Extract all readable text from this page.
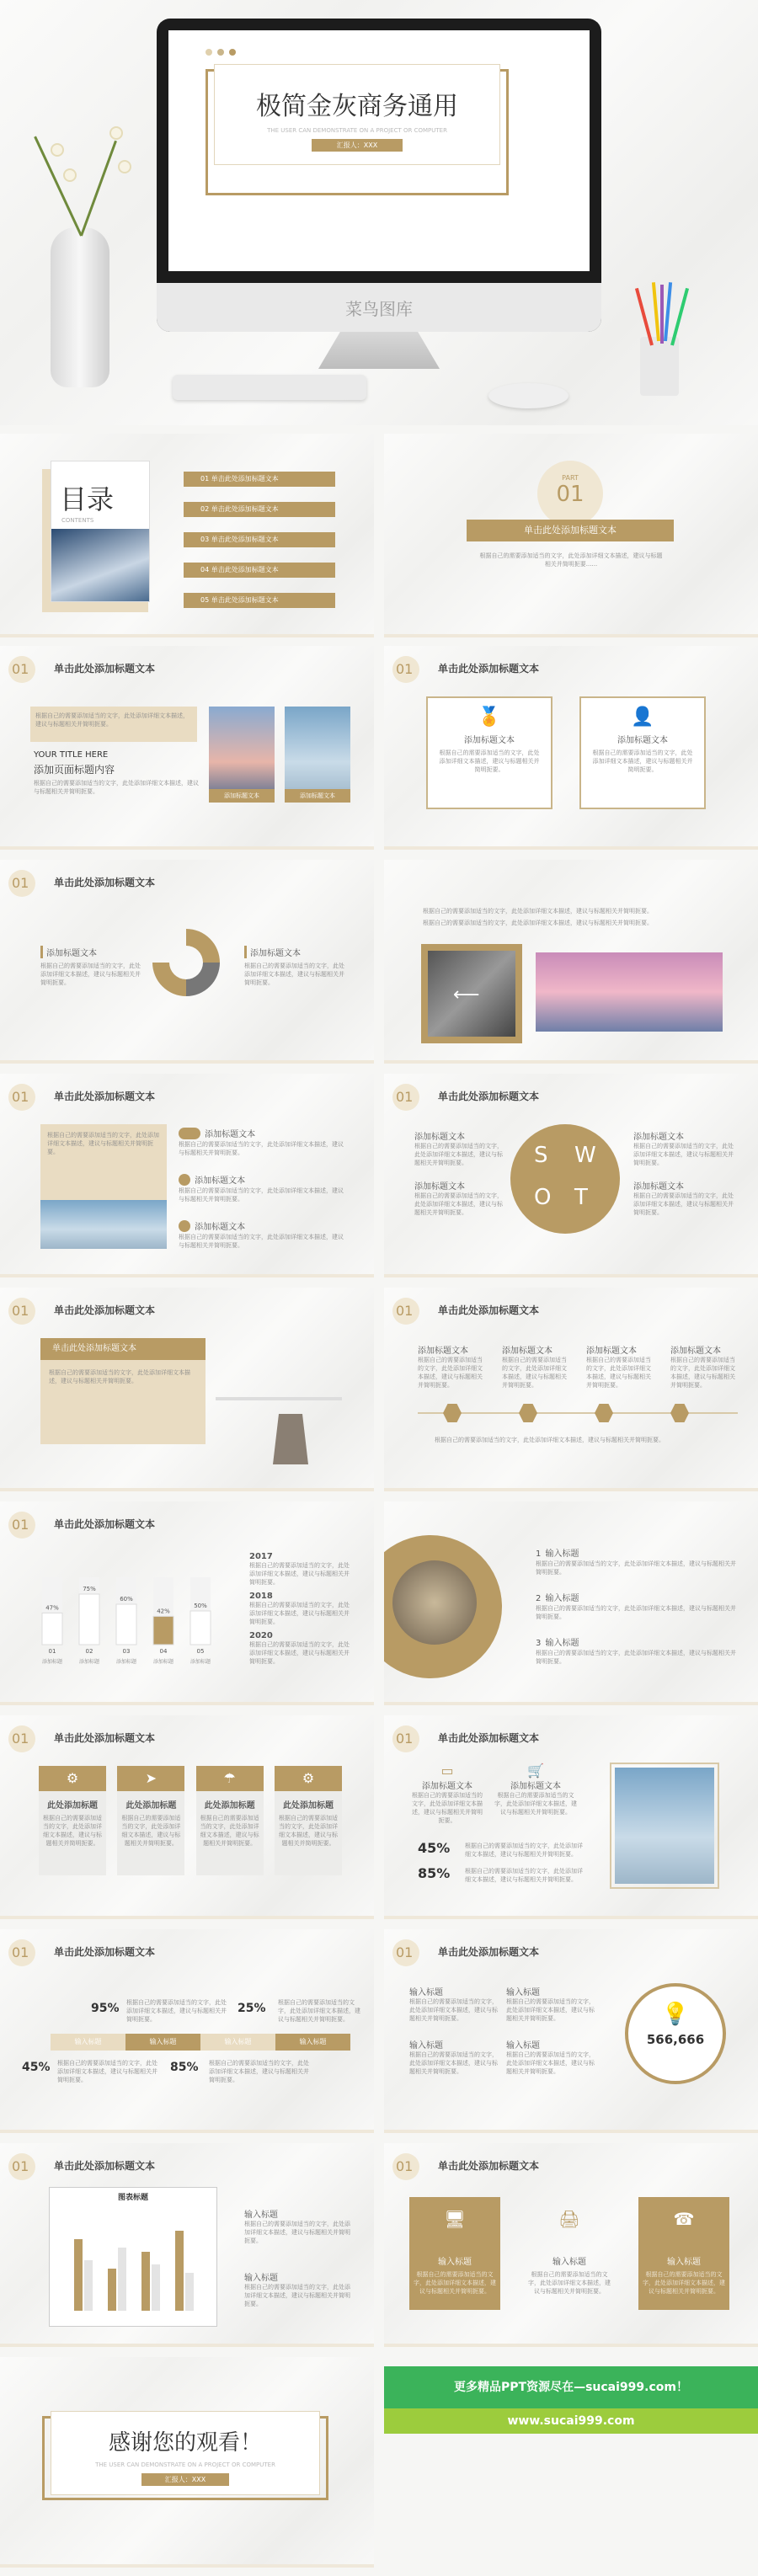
极简金灰商务通用
THE USER CAN DEMONSTRATE ON A PROJECT OR COMPUTER
汇报人：XXX
菜鸟图库
目录
CONTENTS
01 单击此处添加标题文本
02 单击此处添加标题文本
03 单击此处添加标题文本
04 单击此处添加标题文本
05 单击此处添加标题文本
PART
01
单击此处添加标题文本
根据自己的需要添加适当的文字，此处添加详细文本描述，建议与标题相关并简明扼要......
01	单击此处添加标题文本
根据自己的需要添加适当的文字，此处添加详细文本描述，建议与标题相关并简明扼要。
YOUR TITLE HERE
添加页面标题内容
根据自己的需要添加适当的文字，此处添加详细文本描述，建议与标题相关并简明扼要。
添加标题文本	添加标题文本
01	单击此处添加标题文本
🏅
添加标题文本
根据自己的需要添加适当的文字，此处添加详细文本描述，建议与标题相关并简明扼要。
👤
添加标题文本
根据自己的需要添加适当的文字，此处添加详细文本描述，建议与标题相关并简明扼要。
01	单击此处添加标题文本
添加标题文本
根据自己的需要添加适当的文字，此处添加详细文本描述，建议与标题相关并简明扼要。
添加标题文本
根据自己的需要添加适当的文字，此处添加详细文本描述，建议与标题相关并简明扼要。
根据自己的需要添加适当的文字，此处添加详细文本描述，建议与标题相关并简明扼要。
根据自己的需要添加适当的文字，此处添加详细文本描述，建议与标题相关并简明扼要。
⟵
01	单击此处添加标题文本
根据自己的需要添加适当的文字，此处添加详细文本描述，建议与标题相关并简明扼要。
添加标题文本
根据自己的需要添加适当的文字，此处添加详细文本描述，建议与标题相关并简明扼要。
添加标题文本
根据自己的需要添加适当的文字，此处添加详细文本描述，建议与标题相关并简明扼要。
添加标题文本
根据自己的需要添加适当的文字，此处添加详细文本描述，建议与标题相关并简明扼要。
01	单击此处添加标题文本
添加标题文本
根据自己的需要添加适当的文字，此处添加详细文本描述，建议与标题相关并简明扼要。
添加标题文本
根据自己的需要添加适当的文字，此处添加详细文本描述，建议与标题相关并简明扼要。
S W
O T
添加标题文本
根据自己的需要添加适当的文字，此处添加详细文本描述，建议与标题相关并简明扼要。
添加标题文本
根据自己的需要添加适当的文字，此处添加详细文本描述，建议与标题相关并简明扼要。
01	单击此处添加标题文本
单击此处添加标题文本
根据自己的需要添加适当的文字，此处添加详细文本描述，建议与标题相关并简明扼要。
01	单击此处添加标题文本
添加标题文本
根据自己的需要添加适当的文字，此处添加详细文本描述，建议与标题相关并简明扼要。
添加标题文本
根据自己的需要添加适当的文字，此处添加详细文本描述，建议与标题相关并简明扼要。
添加标题文本
根据自己的需要添加适当的文字，此处添加详细文本描述，建议与标题相关并简明扼要。
添加标题文本
根据自己的需要添加适当的文字，此处添加详细文本描述，建议与标题相关并简明扼要。
根据自己的需要添加适当的文字，此处添加详细文本描述，建议与标题相关并简明扼要。
01	单击此处添加标题文本
47%
01
添加标题
75%
02
添加标题
60%
03
添加标题
42%
04
添加标题
50%
05
添加标题
2017
根据自己的需要添加适当的文字，此处添加详细文本描述，建议与标题相关并简明扼要。
2018
根据自己的需要添加适当的文字，此处添加详细文本描述，建议与标题相关并简明扼要。
2020
根据自己的需要添加适当的文字，此处添加详细文本描述，建议与标题相关并简明扼要。
1 输入标题
根据自己的需要添加适当的文字，此处添加详细文本描述，建议与标题相关并简明扼要。
2 输入标题
根据自己的需要添加适当的文字，此处添加详细文本描述，建议与标题相关并简明扼要。
3 输入标题
根据自己的需要添加适当的文字，此处添加详细文本描述，建议与标题相关并简明扼要。
01	单击此处添加标题文本
⚙
此处添加标题
根据自己的需要添加适当的文字，此处添加详细文本描述，建议与标题相关并简明扼要。
➤
此处添加标题
根据自己的需要添加适当的文字，此处添加详细文本描述，建议与标题相关并简明扼要。
☂
此处添加标题
根据自己的需要添加适当的文字，此处添加详细文本描述，建议与标题相关并简明扼要。
⚙
此处添加标题
根据自己的需要添加适当的文字，此处添加详细文本描述，建议与标题相关并简明扼要。
01	单击此处添加标题文本
▭
添加标题文本
根据自己的需要添加适当的文字，此处添加详细文本描述，建议与标题相关并简明扼要。
🛒
添加标题文本
根据自己的需要添加适当的文字，此处添加详细文本描述，建议与标题相关并简明扼要。
45%
85%
根据自己的需要添加适当的文字，此处添加详细文本描述，建议与标题相关并简明扼要。
根据自己的需要添加适当的文字，此处添加详细文本描述，建议与标题相关并简明扼要。
01	单击此处添加标题文本
95%	25%
根据自己的需要添加适当的文字，此处添加详细文本描述，建议与标题相关并简明扼要。
根据自己的需要添加适当的文字，此处添加详细文本描述，建议与标题相关并简明扼要。
输入标题	输入标题	输入标题	输入标题
45%	85%
根据自己的需要添加适当的文字，此处添加详细文本描述，建议与标题相关并简明扼要。
根据自己的需要添加适当的文字，此处添加详细文本描述，建议与标题相关并简明扼要。
01	单击此处添加标题文本
输入标题
根据自己的需要添加适当的文字，此处添加详细文本描述，建议与标题相关并简明扼要。
输入标题
根据自己的需要添加适当的文字，此处添加详细文本描述，建议与标题相关并简明扼要。
输入标题
根据自己的需要添加适当的文字，此处添加详细文本描述，建议与标题相关并简明扼要。
输入标题
根据自己的需要添加适当的文字，此处添加详细文本描述，建议与标题相关并简明扼要。
💡
566,666
01	单击此处添加标题文本
图表标题
输入标题
根据自己的需要添加适当的文字，此处添加详细文本描述，建议与标题相关并简明扼要。
输入标题
根据自己的需要添加适当的文字，此处添加详细文本描述，建议与标题相关并简明扼要。
01	单击此处添加标题文本
🖥
输入标题
根据自己的需要添加适当的文字，此处添加详细文本描述，建议与标题相关并简明扼要。
🖨
输入标题
根据自己的需要添加适当的文字，此处添加详细文本描述，建议与标题相关并简明扼要。
☎
输入标题
根据自己的需要添加适当的文字，此处添加详细文本描述，建议与标题相关并简明扼要。
感谢您的观看！
THE USER CAN DEMONSTRATE ON A PROJECT OR COMPUTER
汇报人：XXX
更多精品PPT资源尽在—sucai999.com！
www.sucai999.com
